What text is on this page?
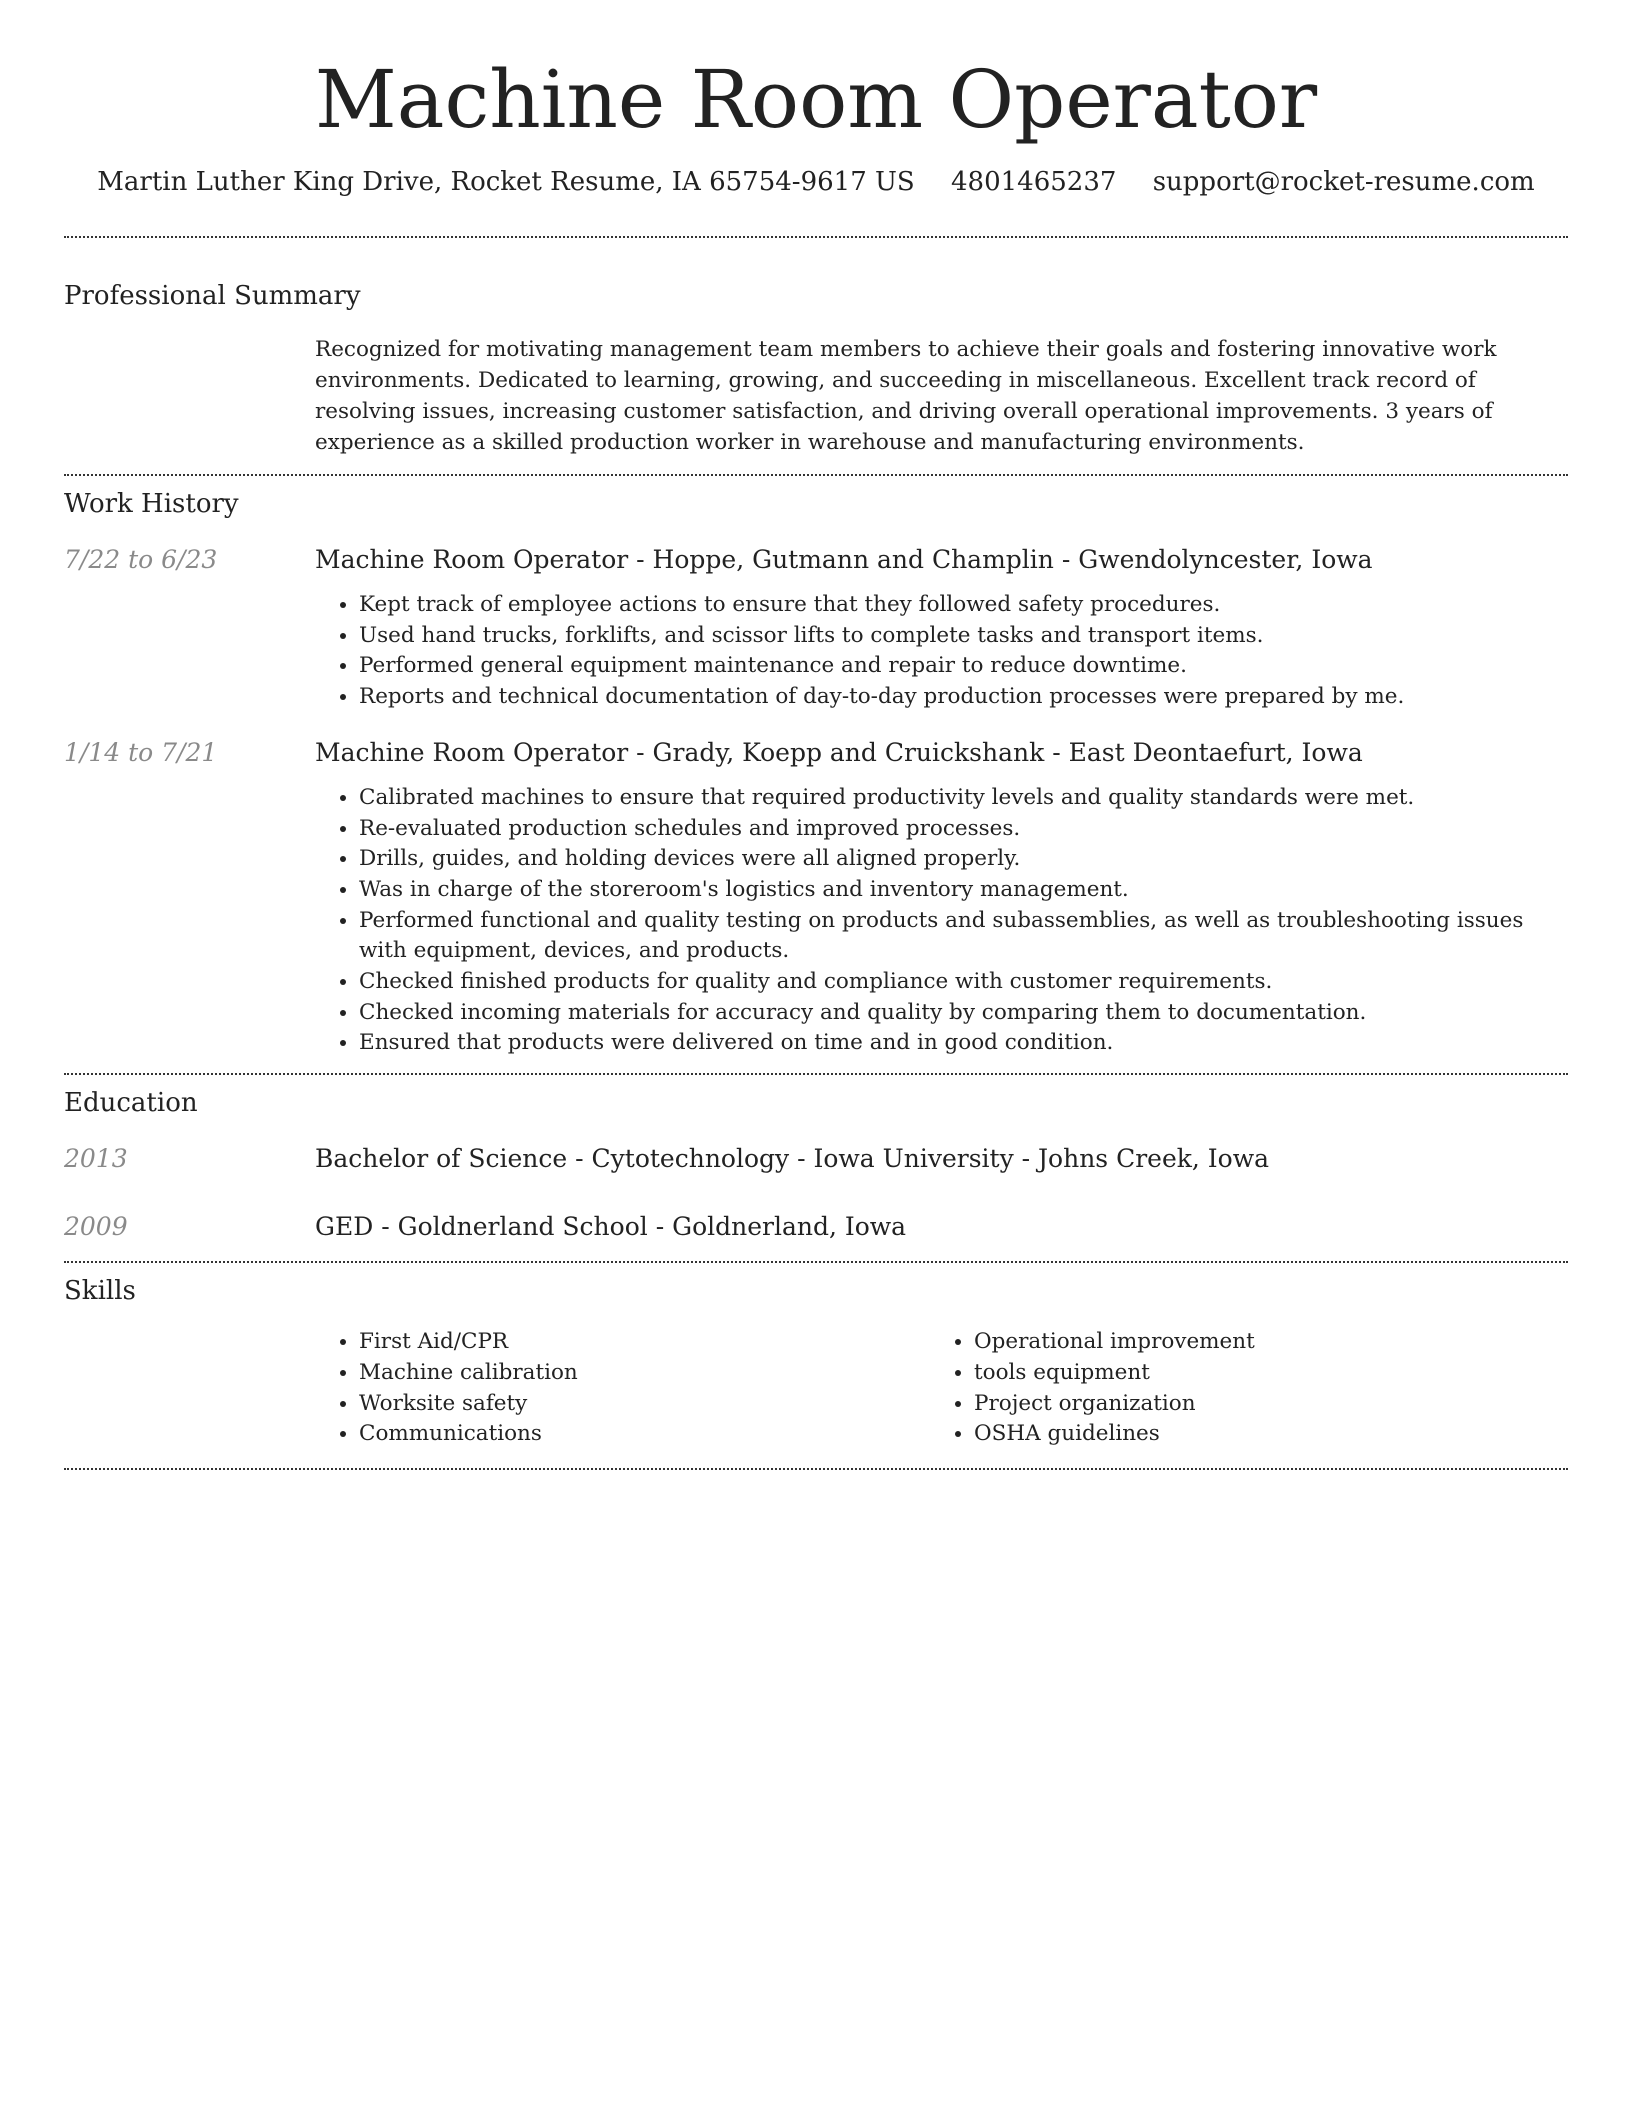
Machine Room Operator
Martin Luther King Drive, Rocket Resume, IA 65754-9617 US 4801465237 support@rocket-resume.com
Professional Summary
Recognized for motivating management team members to achieve their goals and fostering innovative work environments. Dedicated to learning, growing, and succeeding in miscellaneous. Excellent track record of resolving issues, increasing customer satisfaction, and driving overall operational improvements. 3 years of experience as a skilled production worker in warehouse and manufacturing environments.
Work History
7/22 to 6/23	Machine Room Operator - Hoppe, Gutmann and Champlin - Gwendolyncester, Iowa
• Kept track of employee actions to ensure that they followed safety procedures.
• Used hand trucks, forklifts, and scissor lifts to complete tasks and transport items.
• Performed general equipment maintenance and repair to reduce downtime.
• Reports and technical documentation of day-to-day production processes were prepared by me.
1/14 to 7/21	Machine Room Operator - Grady, Koepp and Cruickshank - East Deontaefurt, Iowa
• Calibrated machines to ensure that required productivity levels and quality standards were met.
• Re-evaluated production schedules and improved processes.
• Drills, guides, and holding devices were all aligned properly.
• Was in charge of the storeroom's logistics and inventory management.
• Performed functional and quality testing on products and subassemblies, as well as troubleshooting issues with equipment, devices, and products.
• Checked finished products for quality and compliance with customer requirements.
• Checked incoming materials for accuracy and quality by comparing them to documentation.
• Ensured that products were delivered on time and in good condition.
Education
2013	Bachelor of Science - Cytotechnology - Iowa University - Johns Creek, Iowa
2009	GED - Goldnerland School - Goldnerland, Iowa
Skills
• First Aid/CPR
• Machine calibration
• Worksite safety
• Communications
• Operational improvement
• tools equipment
• Project organization
• OSHA guidelines
